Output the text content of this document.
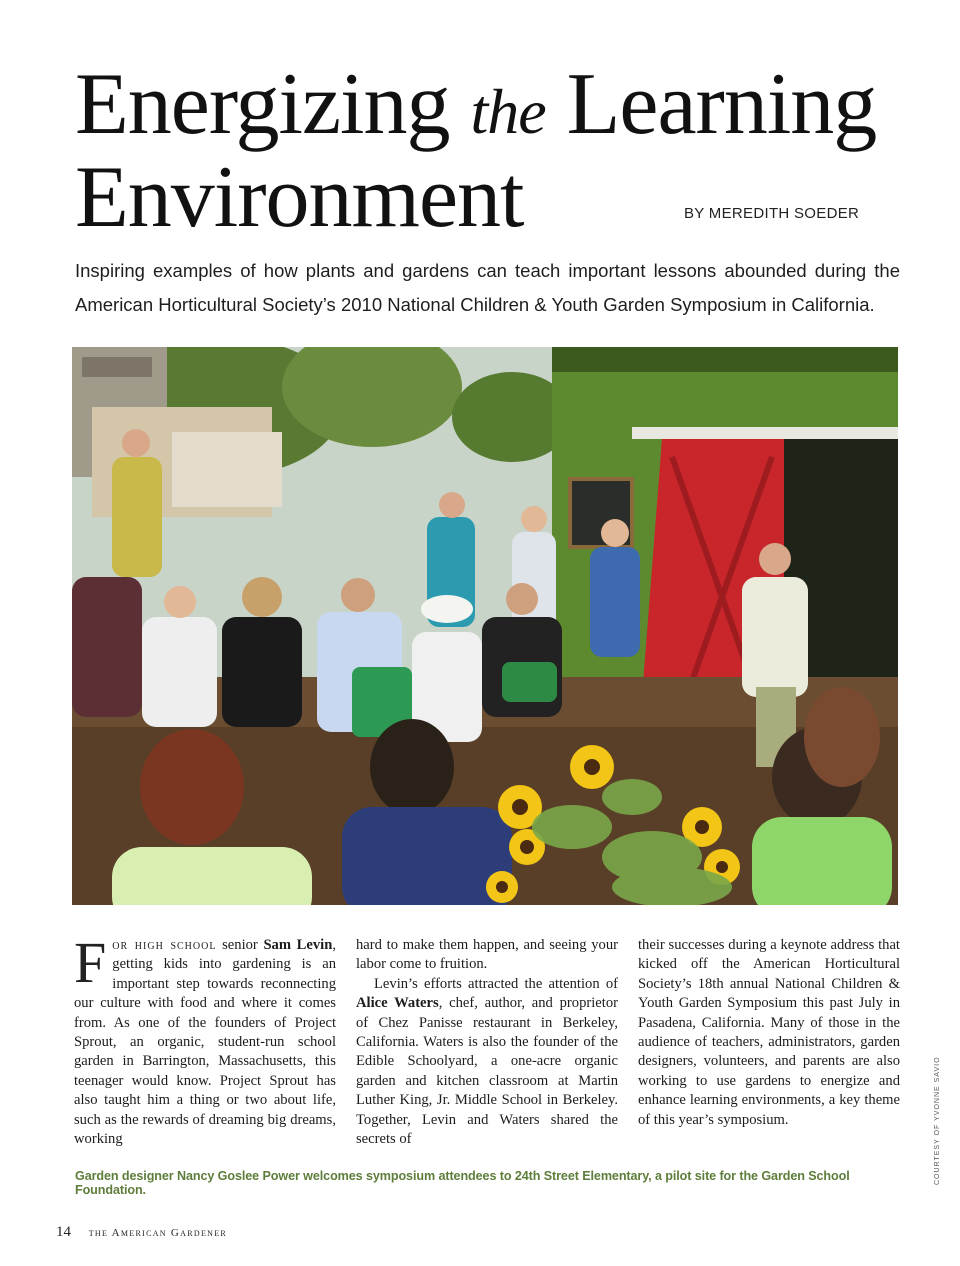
Energizing the Learning
Environment	BY MEREDITH SOEDER
Inspiring examples of how plants and gardens can teach important lessons abounded during the American Horticultural Society’s 2010 National Children & Youth Garden Symposium in California.

For high school senior Sam Levin, getting kids into gardening is an important step towards reconnecting our culture with food and where it comes from. As one of the founders of Project Sprout, an organic, student-run school garden in Barrington, Massachusetts, this teenager would know. Project Sprout has also taught him a thing or two about life, such as the rewards of dreaming big dreams, working

hard to make them happen, and seeing your labor come to fruition.

Levin’s efforts attracted the attention of Alice Waters, chef, author, and proprietor of Chez Panisse restaurant in Berkeley, California. Waters is also the founder of the Edible Schoolyard, a one-acre organic garden and kitchen classroom at Martin Luther King, Jr. Middle School in Berkeley. Together, Levin and Waters shared the secrets of

their successes during a keynote address that kicked off the American Horticultural Society’s 18th annual National Children & Youth Garden Symposium this past July in Pasadena, California. Many of those in the audience of teachers, administrators, garden designers, volunteers, and parents are also working to use gardens to energize and enhance learning environments, a key theme of this year’s symposium.

Garden designer Nancy Goslee Power welcomes symposium attendees to 24th Street Elementary, a pilot site for the Garden School Foundation.
COURTESY OF YVONNE SAVIO
14 the American Gardener
